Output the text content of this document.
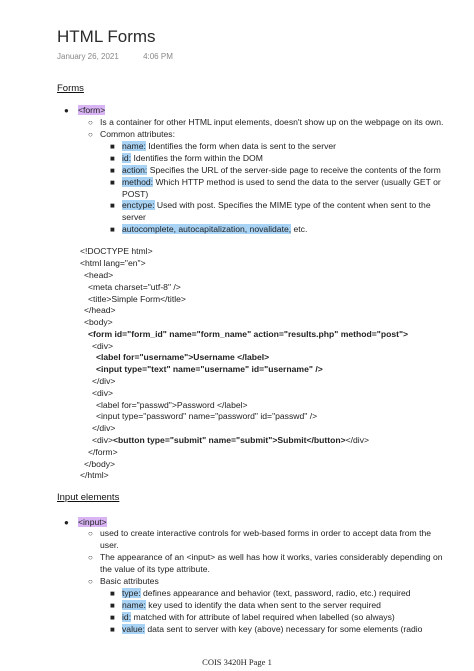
HTML Forms
January 26, 2021	4:06 PM
Forms
● <form>
○ Is a container for other HTML input elements, doesn't show up on the webpage on its own.
○ Common attributes:
■ name: Identifies the form when data is sent to the server
■ id: Identifies the form within the DOM
■ action: Specifies the URL of the server-side page to receive the contents of the form
■ method: Which HTTP method is used to send the data to the server (usually GET or
POST)
■ enctype: Used with post. Specifies the MIME type of the content when sent to the
server
■ autocomplete, autocapitalization, novalidate, etc.
<!DOCTYPE html>
<html lang="en">
<head>
<meta charset="utf-8" />
<title>Simple Form</title>
</head>
<body>
<form id="form_id" name="form_name" action="results.php" method="post">
<div>
<label for="username">Username </label>
<input type="text" name="username" id="username" />
</div>
<div>
<label for="passwd">Password </label>
<input type="password" name="password" id="passwd" />
</div>
<div><button type="submit" name="submit">Submit</button></div>
</form>
</body>
</html>
Input elements
● <input>
○ used to create interactive controls for web-based forms in order to accept data from the
user.
○ The appearance of an <input> as well has how it works, varies considerably depending on
the value of its type attribute.
○ Basic attributes
■ type: defines appearance and behavior (text, password, radio, etc.) required
■ name: key used to identify the data when sent to the server required
■ id: matched with for attribute of label required when labelled (so always)
■ value: data sent to server with key (above) necessary for some elements (radio
COIS 3420H Page 1
